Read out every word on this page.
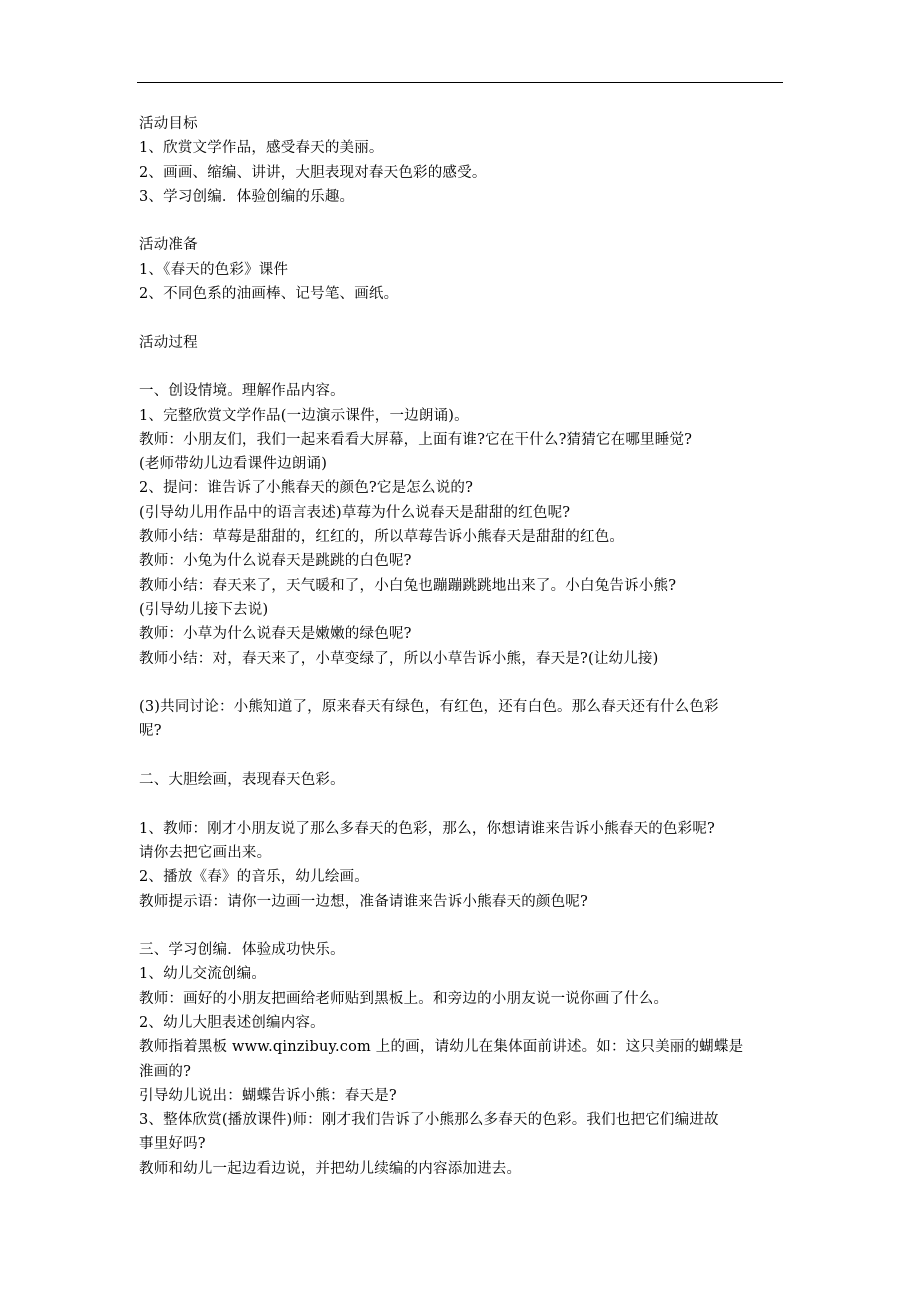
活动目标
1、欣赏文学作品，感受春天的美丽。
2、画画、缩编、讲讲，大胆表现对春天色彩的感受。
3、学习创编．体验创编的乐趣。
活动准备
1、《春天的色彩》课件
2、不同色系的油画棒、记号笔、画纸。
活动过程
一、创设情境。理解作品内容。
1、完整欣赏文学作品(一边演示课件，一边朗诵)。
教师：小朋友们，我们一起来看看大屏幕，上面有谁?它在干什么?猜猜它在哪里睡觉?
(老师带幼儿边看课件边朗诵)
2、提问：谁告诉了小熊春天的颜色?它是怎么说的?
(引导幼儿用作品中的语言表述)草莓为什么说春天是甜甜的红色呢?
教师小结：草莓是甜甜的，红红的，所以草莓告诉小熊春天是甜甜的红色。
教师：小兔为什么说春天是跳跳的白色呢?
教师小结：春天来了，天气暖和了，小白兔也蹦蹦跳跳地出来了。小白兔告诉小熊?
(引导幼儿接下去说)
教师：小草为什么说春天是嫩嫩的绿色呢?
教师小结：对，春天来了，小草变绿了，所以小草告诉小熊，春天是?(让幼儿接)
(3)共同讨论：小熊知道了，原来春天有绿色，有红色，还有白色。那么春天还有什么色彩
呢?
二、大胆绘画，表现春天色彩。
1、教师：刚才小朋友说了那么多春天的色彩，那么，你想请谁来告诉小熊春天的色彩呢?
请你去把它画出来。
2、播放《春》的音乐，幼儿绘画。
教师提示语：请你一边画一边想，准备请谁来告诉小熊春天的颜色呢?
三、学习创编．体验成功快乐。
1、幼儿交流创编。
教师：画好的小朋友把画给老师贴到黑板上。和旁边的小朋友说一说你画了什么。
2、幼儿大胆表述创编内容。
教师指着黑板 www.qinzibuy.com 上的画，请幼儿在集体面前讲述。如：这只美丽的蝴蝶是
淮画的?
引导幼儿说出：蝴蝶告诉小熊：春天是?
3、整体欣赏(播放课件)师：刚才我们告诉了小熊那么多春天的色彩。我们也把它们编进故
事里好吗?
教师和幼儿一起边看边说，并把幼儿续编的内容添加进去。
